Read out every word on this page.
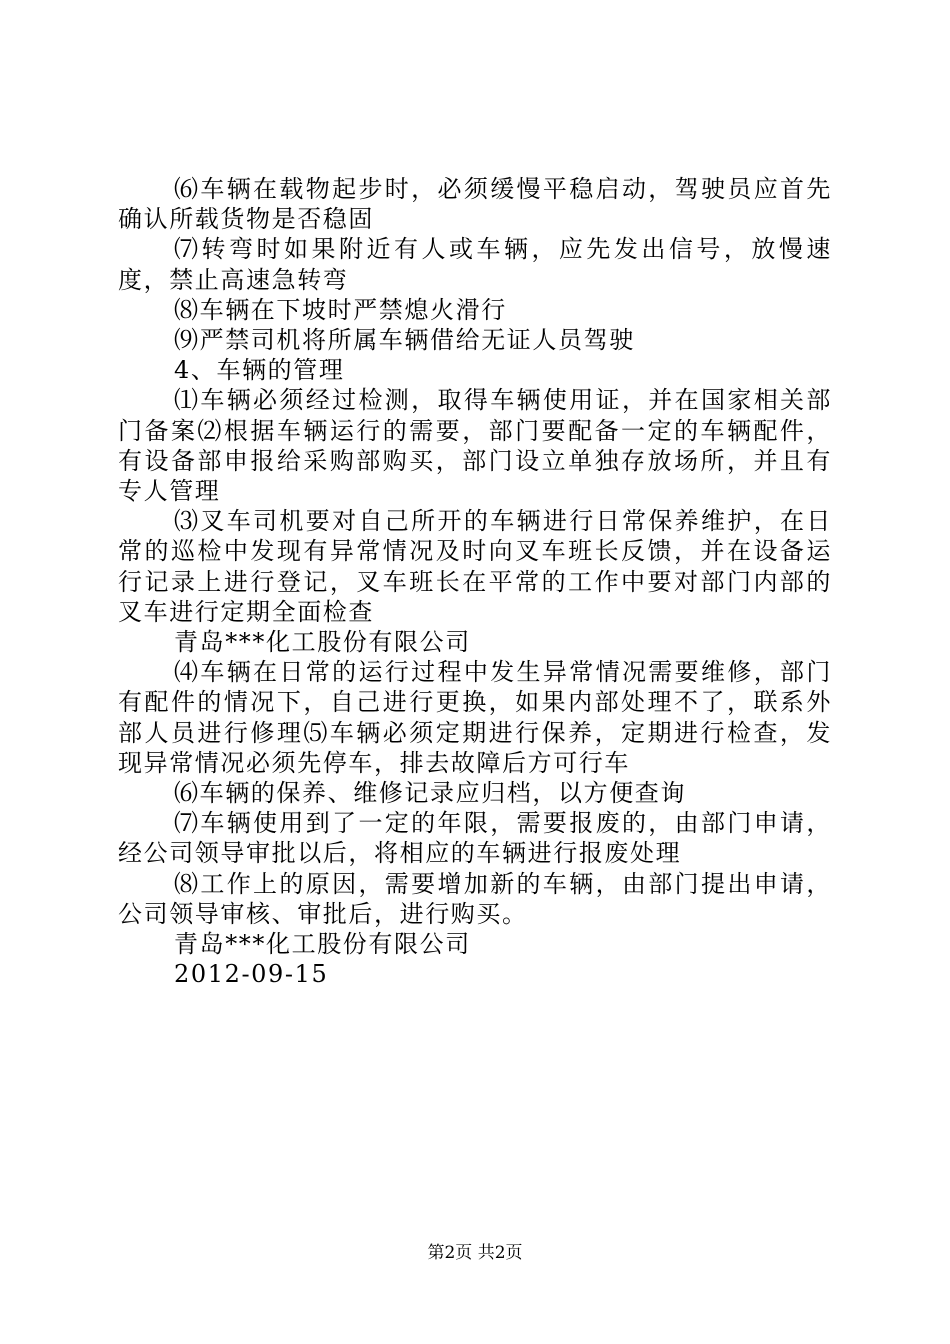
⑹车辆在载物起步时，必须缓慢平稳启动，驾驶员应首先确认所载货物是否稳固

⑺转弯时如果附近有人或车辆，应先发出信号，放慢速度，禁止高速急转弯

⑻车辆在下坡时严禁熄火滑行

⑼严禁司机将所属车辆借给无证人员驾驶

4、车辆的管理

⑴车辆必须经过检测，取得车辆使用证，并在国家相关部门备案⑵根据车辆运行的需要，部门要配备一定的车辆配件，有设备部申报给采购部购买，部门设立单独存放场所，并且有专人管理

⑶叉车司机要对自己所开的车辆进行日常保养维护，在日常的巡检中发现有异常情况及时向叉车班长反馈，并在设备运行记录上进行登记，叉车班长在平常的工作中要对部门内部的叉车进行定期全面检查

青岛***化工股份有限公司

⑷车辆在日常的运行过程中发生异常情况需要维修，部门有配件的情况下，自己进行更换，如果内部处理不了，联系外部人员进行修理⑸车辆必须定期进行保养，定期进行检查，发现异常情况必须先停车，排去故障后方可行车

⑹车辆的保养、维修记录应归档，以方便查询

⑺车辆使用到了一定的年限，需要报废的，由部门申请，经公司领导审批以后，将相应的车辆进行报废处理

⑻工作上的原因，需要增加新的车辆，由部门提出申请，公司领导审核、审批后，进行购买。

青岛***化工股份有限公司

2012-09-15

第2页 共2页
